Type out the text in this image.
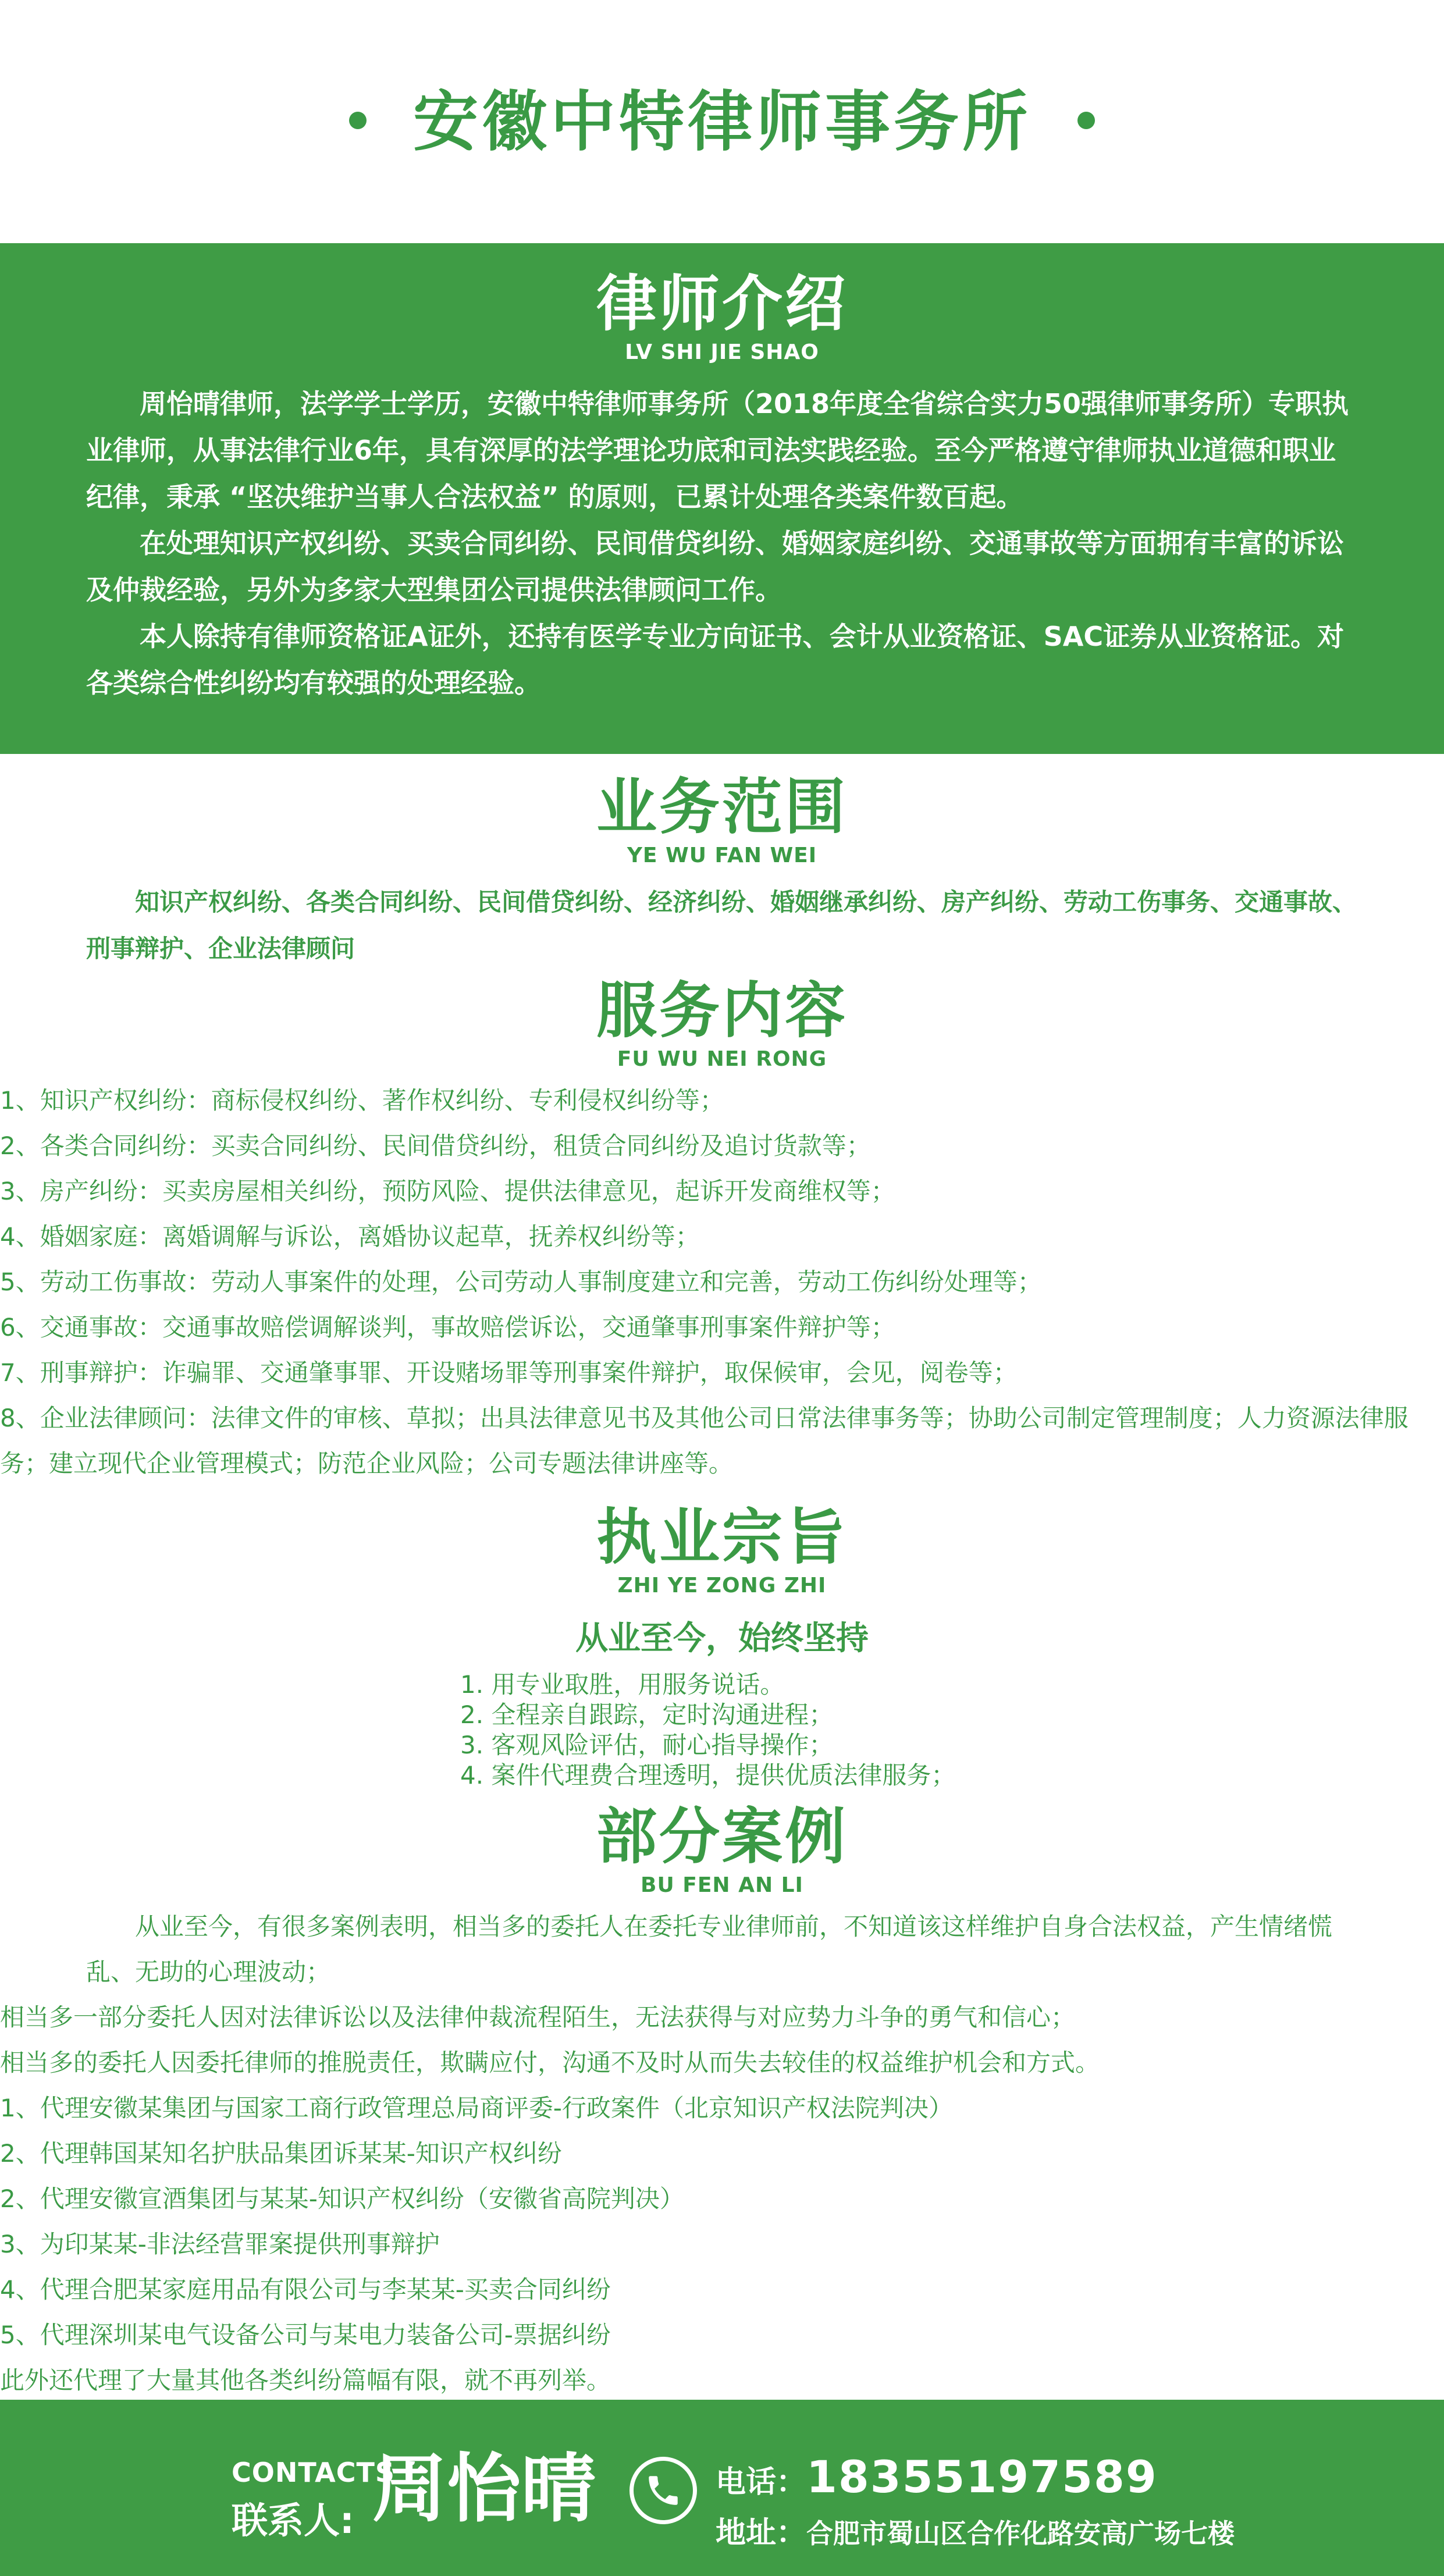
安徽中特律师事务所
律师介绍
LV SHI JIE SHAO
周怡晴律师，法学学士学历，安徽中特律师事务所（2018年度全省综合实力50强律师事务所）专职执业律师，从事法律行业6年，具有深厚的法学理论功底和司法实践经验。至今严格遵守律师执业道德和职业纪律，秉承 “坚决维护当事人合法权益” 的原则，已累计处理各类案件数百起。
在处理知识产权纠纷、买卖合同纠纷、民间借贷纠纷、婚姻家庭纠纷、交通事故等方面拥有丰富的诉讼及仲裁经验，另外为多家大型集团公司提供法律顾问工作。
本人除持有律师资格证A证外，还持有医学专业方向证书、会计从业资格证、SAC证券从业资格证。对各类综合性纠纷均有较强的处理经验。
业务范围
YE WU FAN WEI
知识产权纠纷、各类合同纠纷、民间借贷纠纷、经济纠纷、婚姻继承纠纷、房产纠纷、劳动工伤事务、交通事故、刑事辩护、企业法律顾问
服务内容
FU WU NEI RONG
1、知识产权纠纷：商标侵权纠纷、著作权纠纷、专利侵权纠纷等；
2、各类合同纠纷：买卖合同纠纷、民间借贷纠纷，租赁合同纠纷及追讨货款等；
3、房产纠纷：买卖房屋相关纠纷，预防风险、提供法律意见，起诉开发商维权等；
4、婚姻家庭：离婚调解与诉讼，离婚协议起草，抚养权纠纷等；
5、劳动工伤事故：劳动人事案件的处理，公司劳动人事制度建立和完善，劳动工伤纠纷处理等；
6、交通事故：交通事故赔偿调解谈判，事故赔偿诉讼，交通肇事刑事案件辩护等；
7、刑事辩护：诈骗罪、交通肇事罪、开设赌场罪等刑事案件辩护，取保候审，会见，阅卷等；
8、企业法律顾问：法律文件的审核、草拟；出具法律意见书及其他公司日常法律事务等；协助公司制定管理制度；人力资源法律服务；建立现代企业管理模式；防范企业风险；公司专题法律讲座等。
执业宗旨
ZHI YE ZONG ZHI
从业至今，始终坚持
1. 用专业取胜，用服务说话。
2. 全程亲自跟踪，定时沟通进程；
3. 客观风险评估，耐心指导操作；
4. 案件代理费合理透明，提供优质法律服务；
部分案例
BU FEN AN LI
从业至今，有很多案例表明，相当多的委托人在委托专业律师前，不知道该这样维护自身合法权益，产生情绪慌乱、无助的心理波动；
相当多一部分委托人因对法律诉讼以及法律仲裁流程陌生，无法获得与对应势力斗争的勇气和信心；
相当多的委托人因委托律师的推脱责任，欺瞒应付，沟通不及时从而失去较佳的权益维护机会和方式。
1、代理安徽某集团与国家工商行政管理总局商评委-行政案件（北京知识产权法院判决）
2、代理韩国某知名护肤品集团诉某某-知识产权纠纷
2、代理安徽宣酒集团与某某-知识产权纠纷（安徽省高院判决）
3、为印某某-非法经营罪案提供刑事辩护
4、代理合肥某家庭用品有限公司与李某某-买卖合同纠纷
5、代理深圳某电气设备公司与某电力装备公司-票据纠纷
此外还代理了大量其他各类纠纷篇幅有限，就不再列举。
CONTACTS
联系人: 周怡晴	电话：18355197589
地址：合肥市蜀山区合作化路安高广场七楼
